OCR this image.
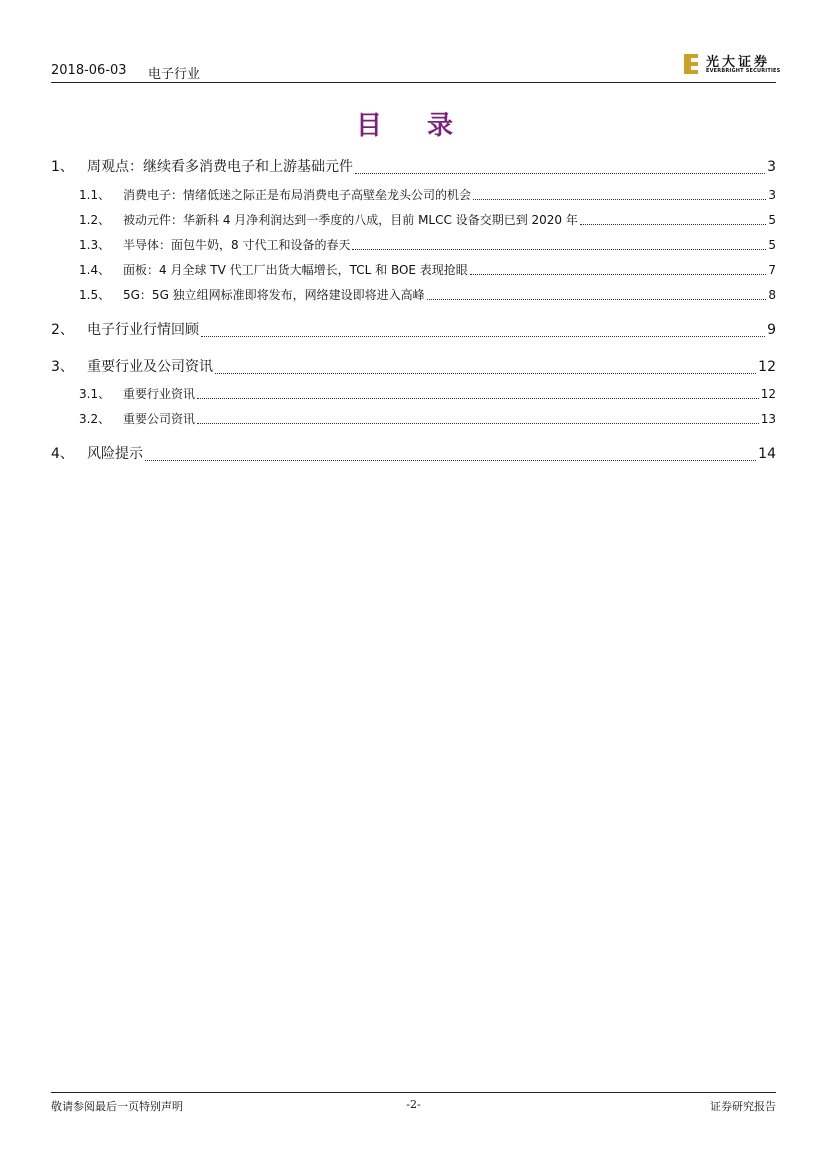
2018-06-03 电子行业
光大证券
EVERBRIGHT SECURITIES
目 录
1、 周观点：继续看多消费电子和上游基础元件	3
1.1、	消费电子：情绪低迷之际正是布局消费电子高壁垒龙头公司的机会	3
1.2、	被动元件：华新科 4 月净利润达到一季度的八成，目前 MLCC 设备交期已到 2020 年	5
1.3、	半导体：面包牛奶，8 寸代工和设备的春天	5
1.4、	面板：4 月全球 TV 代工厂出货大幅增长，TCL 和 BOE 表现抢眼	7
1.5、	5G：5G 独立组网标准即将发布，网络建设即将进入高峰	8
2、 电子行业行情回顾	9
3、 重要行业及公司资讯	12
3.1、	重要行业资讯	12
3.2、	重要公司资讯	13
4、 风险提示	14
敬请参阅最后一页特别声明	-2-	证券研究报告
